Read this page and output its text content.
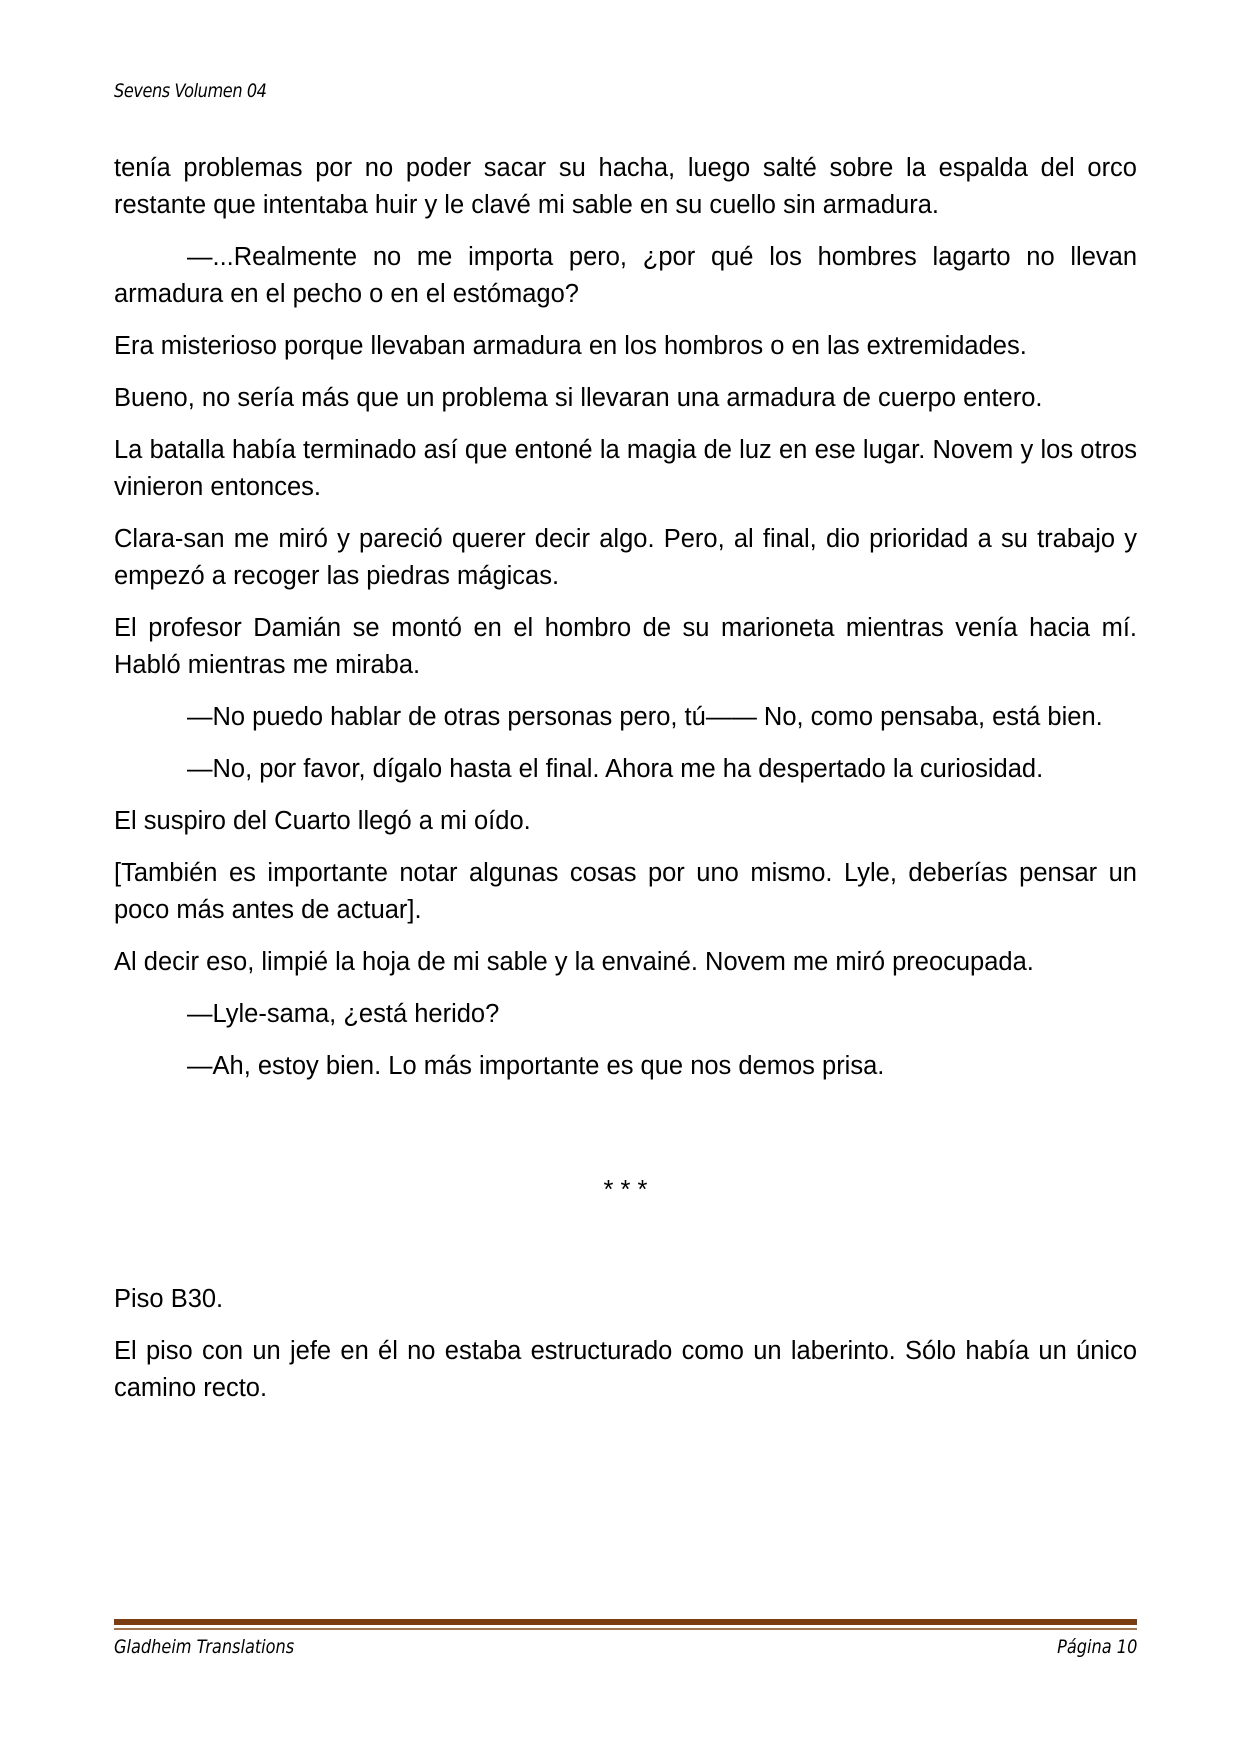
Sevens Volumen 04

tenía problemas por no poder sacar su hacha, luego salté sobre la espalda del orco restante que intentaba huir y le clavé mi sable en su cuello sin armadura.

—...Realmente no me importa pero, ¿por qué los hombres lagarto no llevan armadura en el pecho o en el estómago?

Era misterioso porque llevaban armadura en los hombros o en las extremidades.

Bueno, no sería más que un problema si llevaran una armadura de cuerpo entero.

La batalla había terminado así que entoné la magia de luz en ese lugar. Novem y los otros vinieron entonces.

Clara-san me miró y pareció querer decir algo. Pero, al final, dio prioridad a su trabajo y empezó a recoger las piedras mágicas.

El profesor Damián se montó en el hombro de su marioneta mientras venía hacia mí. Habló mientras me miraba.

—No puedo hablar de otras personas pero, tú—— No, como pensaba, está bien.

—No, por favor, dígalo hasta el final. Ahora me ha despertado la curiosidad.

El suspiro del Cuarto llegó a mi oído.

[También es importante notar algunas cosas por uno mismo. Lyle, deberías pensar un poco más antes de actuar].

Al decir eso, limpié la hoja de mi sable y la envainé. Novem me miró preocupada.

—Lyle-sama, ¿está herido?

—Ah, estoy bien. Lo más importante es que nos demos prisa.

* * *

Piso B30.

El piso con un jefe en él no estaba estructurado como un laberinto. Sólo había un único camino recto.

Gladheim Translations	Página 10
